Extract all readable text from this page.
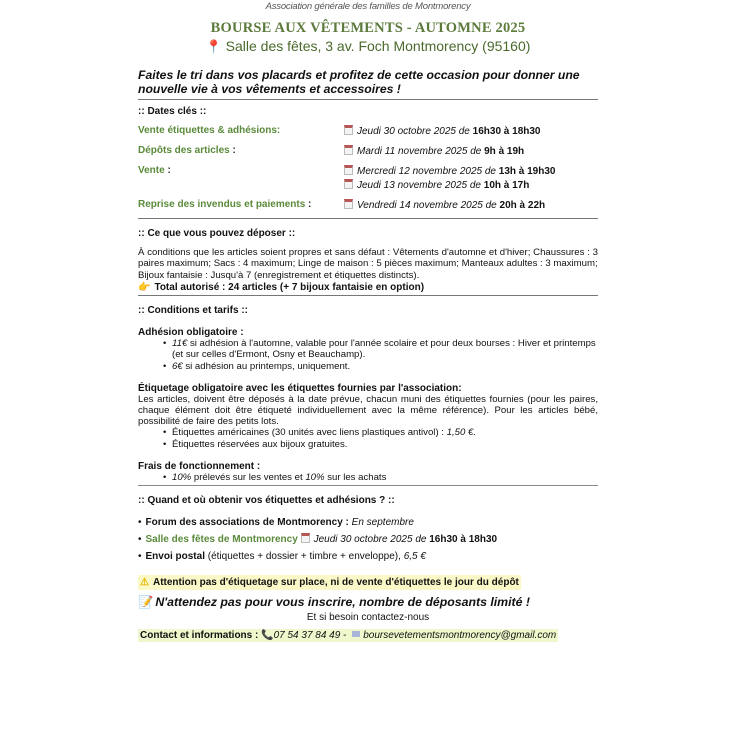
Association générale des familles de Montmorency
BOURSE AUX VÊTEMENTS - AUTOMNE 2025
📍 Salle des fêtes, 3 av. Foch Montmorency (95160)
Faites le tri dans vos placards et profitez de cette occasion pour donner une nouvelle vie à vos vêtements et accessoires !
:: Dates clés ::
Vente étiquettes & adhésions:	Jeudi 30 octobre 2025 de 16h30 à 18h30
Dépôts des articles :	Mardi 11 novembre 2025 de 9h à 19h
Vente :	Mercredi 12 novembre 2025 de 13h à 19h30
Jeudi 13 novembre 2025 de 10h à 17h
Reprise des invendus et paiements :	Vendredi 14 novembre 2025 de 20h à 22h
:: Ce que vous pouvez déposer ::
À conditions que les articles soient propres et sans défaut : Vêtements d'automne et d'hiver; Chaussures : 3 paires maximum; Sacs : 4 maximum; Linge de maison : 5 pièces maximum; Manteaux adultes : 3 maximum;
Bijoux fantaisie : Jusqu'à 7 (enregistrement et étiquettes distincts).
👉 Total autorisé : 24 articles (+ 7 bijoux fantaisie en option)
:: Conditions et tarifs ::
Adhésion obligatoire :
• 11€ si adhésion à l'automne, valable pour l'année scolaire et pour deux bourses : Hiver et printemps (et sur celles d'Ermont, Osny et Beauchamp).
• 6€ si adhésion au printemps, uniquement.
Étiquetage obligatoire avec les étiquettes fournies par l'association:
Les articles, doivent être déposés à la date prévue, chacun muni des étiquettes fournies (pour les paires, chaque élément doit être étiqueté individuellement avec la même référence). Pour les articles bébé, possibilité de faire des petits lots.
• Étiquettes américaines (30 unités avec liens plastiques antivol) : 1,50 €.
• Étiquettes réservées aux bijoux gratuites.
Frais de fonctionnement :
• 10% prélevés sur les ventes et 10% sur les achats
:: Quand et où obtenir vos étiquettes et adhésions ? ::
• Forum des associations de Montmorency : En septembre
• Salle des fêtes de Montmorency Jeudi 30 octobre 2025 de 16h30 à 18h30
• Envoi postal (étiquettes + dossier + timbre + enveloppe), 6,5 €
⚠ Attention pas d'étiquetage sur place, ni de vente d'étiquettes le jour du dépôt
📝 N'attendez pas pour vous inscrire, nombre de déposants limité !
Et si besoin contactez-nous
Contact et informations : 📞07 54 37 84 49 - boursevetementsmontmorency@gmail.com
